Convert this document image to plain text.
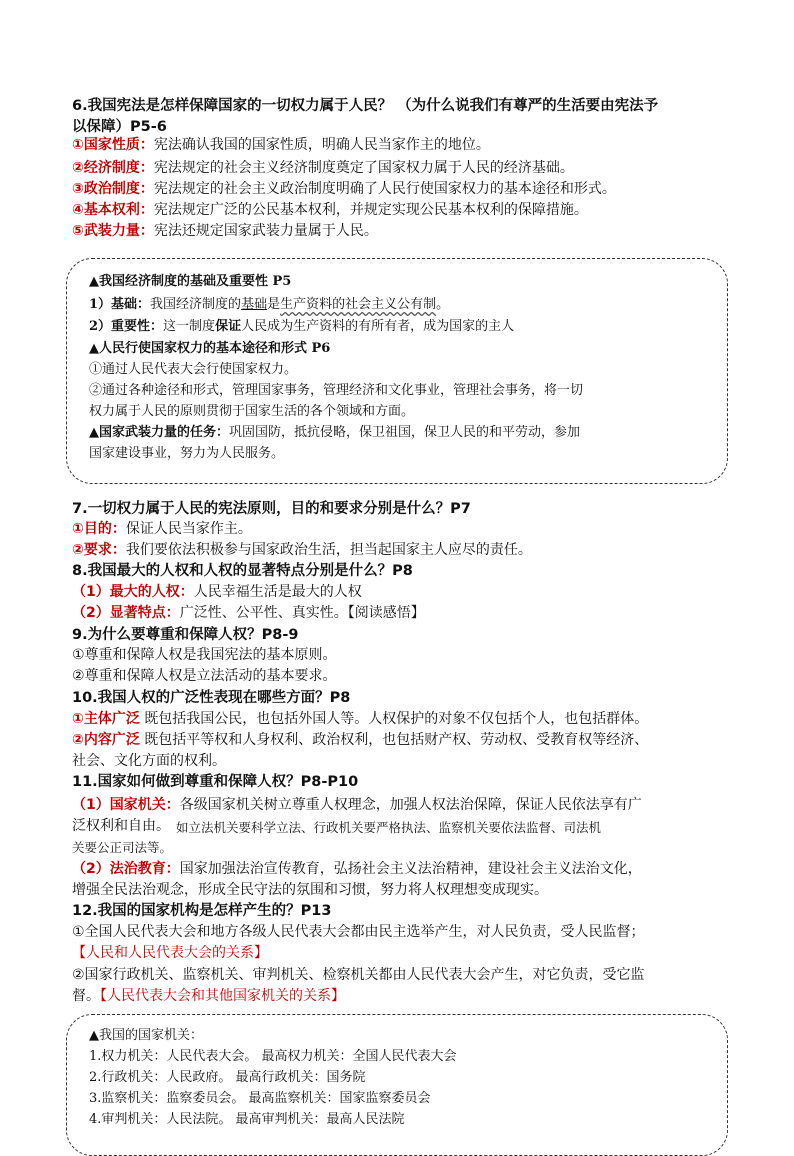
6.我国宪法是怎样保障国家的一切权力属于人民？ （为什么说我们有尊严的生活要由宪法予
以保障）P5-6
①国家性质：宪法确认我国的国家性质，明确人民当家作主的地位。
②经济制度：宪法规定的社会主义经济制度奠定了国家权力属于人民的经济基础。
③政治制度：宪法规定的社会主义政治制度明确了人民行使国家权力的基本途径和形式。
④基本权利：宪法规定广泛的公民基本权利，并规定实现公民基本权利的保障措施。
⑤武装力量：宪法还规定国家武装力量属于人民。
▲我国经济制度的基础及重要性 P5
1）基础：我国经济制度的基础是生产资料的社会主义公有制。
2）重要性：这一制度保证人民成为生产资料的有所有者，成为国家的主人
▲人民行使国家权力的基本途径和形式 P6
①通过人民代表大会行使国家权力。
②通过各种途径和形式，管理国家事务，管理经济和文化事业，管理社会事务，将一切
权力属于人民的原则贯彻于国家生活的各个领域和方面。
▲国家武装力量的任务：巩固国防，抵抗侵略，保卫祖国，保卫人民的和平劳动，参加
国家建设事业，努力为人民服务。
7.一切权力属于人民的宪法原则，目的和要求分别是什么？P7
①目的：保证人民当家作主。
②要求：我们要依法积极参与国家政治生活，担当起国家主人应尽的责任。
8.我国最大的人权和人权的显著特点分别是什么？P8
（1）最大的人权：人民幸福生活是最大的人权
（2）显著特点：广泛性、公平性、真实性。【阅读感悟】
9.为什么要尊重和保障人权？P8-9
①尊重和保障人权是我国宪法的基本原则。
②尊重和保障人权是立法活动的基本要求。
10.我国人权的广泛性表现在哪些方面？P8
①主体广泛 既包括我国公民，也包括外国人等。人权保护的对象不仅包括个人，也包括群体。
②内容广泛 既包括平等权和人身权利、政治权利，也包括财产权、劳动权、受教育权等经济、
社会、文化方面的权利。
11.国家如何做到尊重和保障人权？P8-P10
（1）国家机关：各级国家机关树立尊重人权理念，加强人权法治保障，保证人民依法享有广
泛权利和自由。 如立法机关要科学立法、行政机关要严格执法、监察机关要依法监督、司法机
关要公正司法等。
（2）法治教育：国家加强法治宣传教育，弘扬社会主义法治精神，建设社会主义法治文化，
增强全民法治观念，形成全民守法的氛围和习惯，努力将人权理想变成现实。
12.我国的国家机构是怎样产生的？P13
①全国人民代表大会和地方各级人民代表大会都由民主选举产生，对人民负责，受人民监督；
【人民和人民代表大会的关系】
②国家行政机关、监察机关、审判机关、检察机关都由人民代表大会产生，对它负责，受它监
督。【人民代表大会和其他国家机关的关系】
▲我国的国家机关：
1.权力机关：人民代表大会。 最高权力机关：全国人民代表大会
2.行政机关：人民政府。 最高行政机关：国务院
3.监察机关：监察委员会。 最高监察机关：国家监察委员会
4.审判机关：人民法院。 最高审判机关：最高人民法院
